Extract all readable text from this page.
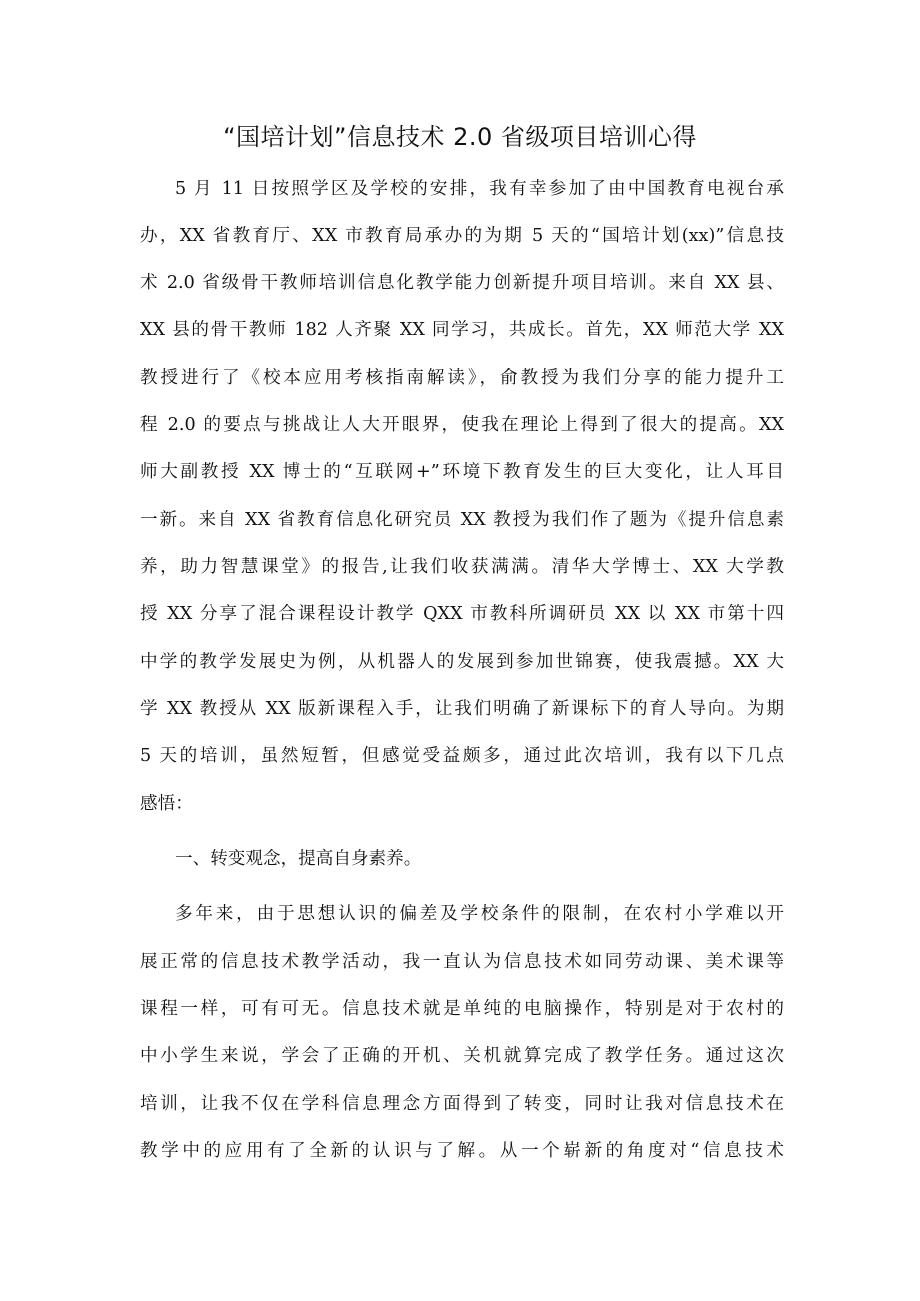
“国培计划”信息技术 2.0 省级项目培训心得
5 月 11 日按照学区及学校的安排，我有幸参加了由中国教育电视台承
办，XX 省教育厅、XX 市教育局承办的为期 5 天的“国培计划(xx)”信息技
术 2.0 省级骨干教师培训信息化教学能力创新提升项目培训。来自 XX 县、
XX 县的骨干教师 182 人齐聚 XX 同学习，共成长。首先，XX 师范大学 XX
教授进行了《校本应用考核指南解读》，俞教授为我们分享的能力提升工
程 2.0 的要点与挑战让人大开眼界，使我在理论上得到了很大的提高。XX
师大副教授 XX 博士的“互联网+”环境下教育发生的巨大变化，让人耳目
一新。来自 XX 省教育信息化研究员 XX 教授为我们作了题为《提升信息素
养，助力智慧课堂》的报告,让我们收获满满。清华大学博士、XX 大学教
授 XX 分享了混合课程设计教学 QXX 市教科所调研员 XX 以 XX 市第十四
中学的教学发展史为例，从机器人的发展到参加世锦赛，使我震撼。XX 大
学 XX 教授从 XX 版新课程入手，让我们明确了新课标下的育人导向。为期
5 天的培训，虽然短暂，但感觉受益颇多，通过此次培训，我有以下几点
感悟：
一、转变观念，提高自身素养。
多年来，由于思想认识的偏差及学校条件的限制，在农村小学难以开
展正常的信息技术教学活动，我一直认为信息技术如同劳动课、美术课等
课程一样，可有可无。信息技术就是单纯的电脑操作，特别是对于农村的
中小学生来说，学会了正确的开机、关机就算完成了教学任务。通过这次
培训，让我不仅在学科信息理念方面得到了转变，同时让我对信息技术在
教学中的应用有了全新的认识与了解。从一个崭新的角度对“信息技术
